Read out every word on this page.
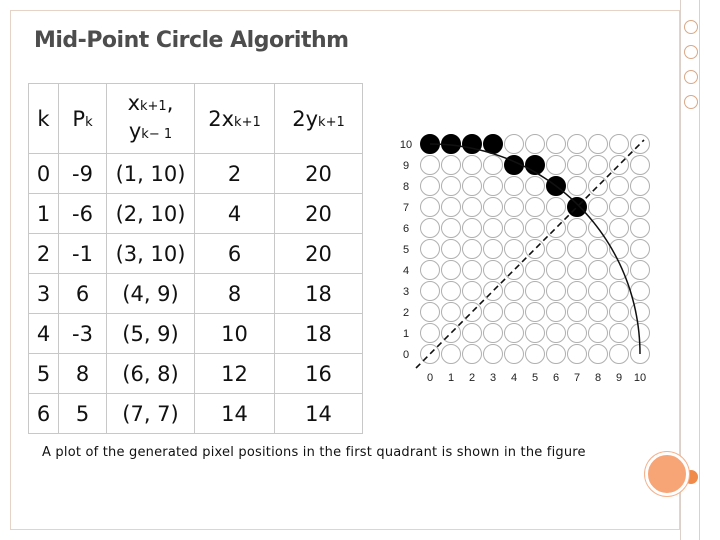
Mid-Point Circle Algorithm
k	Pk	xk+1,
yk− 1	2xk+1	2yk+1
0	-9	(1, 10)	2	20
1	-6	(2, 10)	4	20
2	-1	(3, 10)	6	20
3	6	(4, 9)	8	18
4	-3	(5, 9)	10	18
5	8	(6, 8)	12	16
6	5	(7, 7)	14	14
0
1
2
3
4
5
6
7
8
9
10
0 1 2 3 4 5 6 7 8 9 10
A plot of the generated pixel positions in the first quadrant is shown in the figure
